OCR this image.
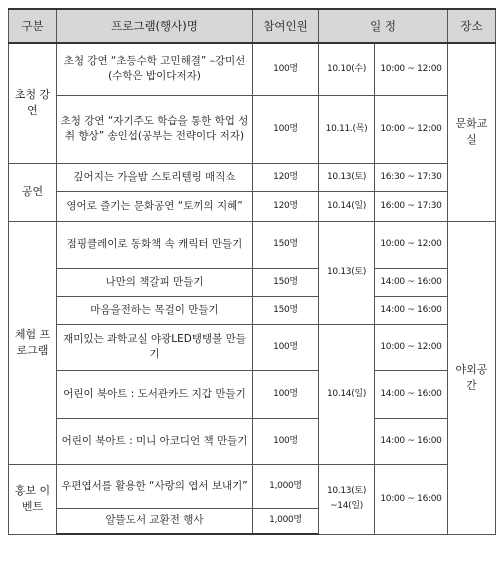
구분	프로그램(행사)명	참여인원	일 정		장소
초청 강연	초청 강연 “초등수학 고민해결” –강미선(수학은 밥이다저자)	100명	10.10(수)	10:00 ~ 12:00	문화교실
	초청 강연 “자기주도 학습을 통한 학업 성취 향상” 송인섭(공부는 전략이다 저자)	100명	10.11.(목)	10:00 ~ 12:00	
공연	깊어지는 가을밤 스토리텔링 매직쇼	120명	10.13(토)	16:30 ~ 17:30	
	영어로 즐기는 문화공연 “토끼의 지혜”	120명	10.14(일)	16:00 ~ 17:30	
체험 프로그램	점핑클레이로 동화책 속 캐릭터 만들기	150명	10.13(토)	10:00 ~ 12:00	야외공간
	나만의 책갈피 만들기	150명		14:00 ~ 16:00	
	마음을전하는 목걸이 만들기	150명		14:00 ~ 16:00	
	재미있는 과학교실 야광LED탱탱볼 만들기	100명	10.14(일)	10:00 ~ 12:00	
	어린이 북아트 : 도서관카드 지갑 만들기	100명		14:00 ~ 16:00	
	어린이 북아트 : 미니 아코디언 책 만들기	100명		14:00 ~ 16:00	
홍보 이벤트	우편엽서를 활용한 “사랑의 엽서 보내기”	1,000명	10.13(토) ~14(일)	10:00 ~ 16:00	
	알뜰도서 교환전 행사	1,000명			
